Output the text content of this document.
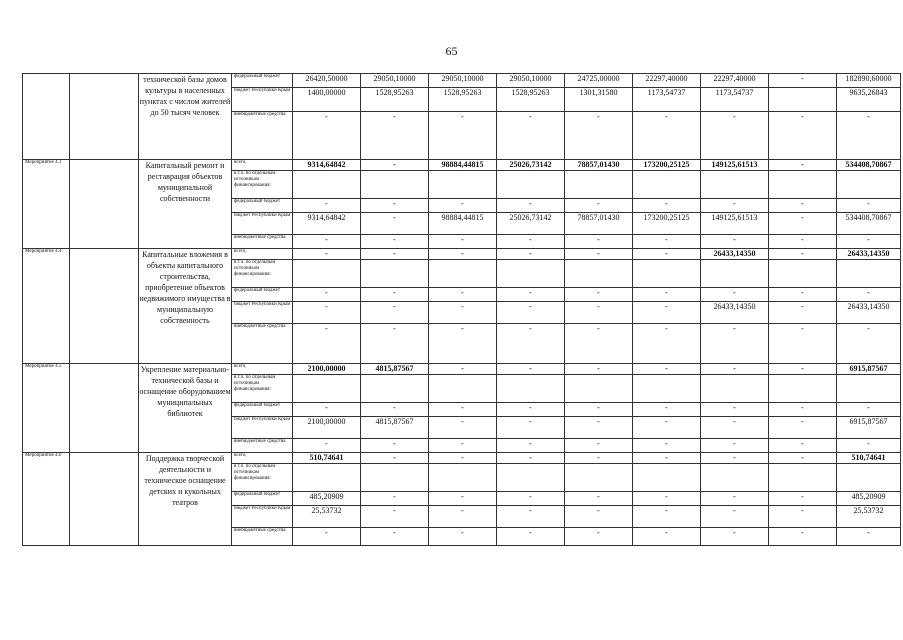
65
		технической базы домов культуры в населенных пунктах с числом жителей до 50 тысяч человек	федеральный бюджет	26420,50000	29050,10000	29050,10000	29050,10000	24725,00000	22297,40000	22297,40000	-	182890,60000
			бюджет Республики Крым	1400,00000	1528,95263	1528,95263	1528,95263	1301,31580	1173,54737	1173,54737		9635,26843
			внебюджетные средства	-	-	-	-	-	-	-	-	-
Мероприятие 4.3		Капитальный ремонт и реставрация объектов муниципальной собственности	всего,	9314,64842	-	98884,44815	25026,73142	78857,01430	173200,25125	149125,61513	-	534408,70867
			в т.ч. по отдельным источникам финансирования:									
			федеральный бюджет	-	-	-	-	-	-	-	-	-
			бюджет Республики Крым	9314,64842	-	98884,44815	25026,73142	78857,01430	173200,25125	149125,61513	-	534408,70867
			внебюджетные средства	-	-	-	-	-	-	-	-	-
Мероприятие 4.4		Капитальные вложения в объекты капитального строительства, приобретение объектов недвижимого имущества в муниципальную собственность	всего,	-	-	-	-	-	-	26433,14350	-	26433,14350
			в т.ч. по отдельным источникам финансирования:									
			федеральный бюджет	-	-	-	-	-	-	-	-	-
			бюджет Республики Крым	-	-	-	-	-	-	26433,14350	-	26433,14350
			внебюджетные средства	-	-	-	-	-	-	-	-	-
Мероприятие 4.5		Укрепление материально-технической базы и оснащение оборудованием муниципальных библиотек	всего,	2100,00000	4815,87567	-	-	-	-	-	-	6915,87567
			в т.ч. по отдельным источникам финансирования:									
			федеральный бюджет	-	-	-	-	-	-	-	-	-
			бюджет Республики Крым	2100,00000	4815,87567	-	-	-	-	-	-	6915,87567
			внебюджетные средства	-	-	-	-	-	-	-	-	-
Мероприятие 4.6		Поддержка творческой деятельности и техническое оснащение детских и кукольных театров	всего,	510,74641	-	-	-	-	-	-	-	510,74641
			в т.ч. по отдельным источникам финансирования:									
			федеральный бюджет	485,20909	-	-	-	-	-	-	-	485,20909
			бюджет Республики Крым	25,53732	-	-	-	-	-	-	-	25,53732
			внебюджетные средства	-	-	-	-	-	-	-	-	-
